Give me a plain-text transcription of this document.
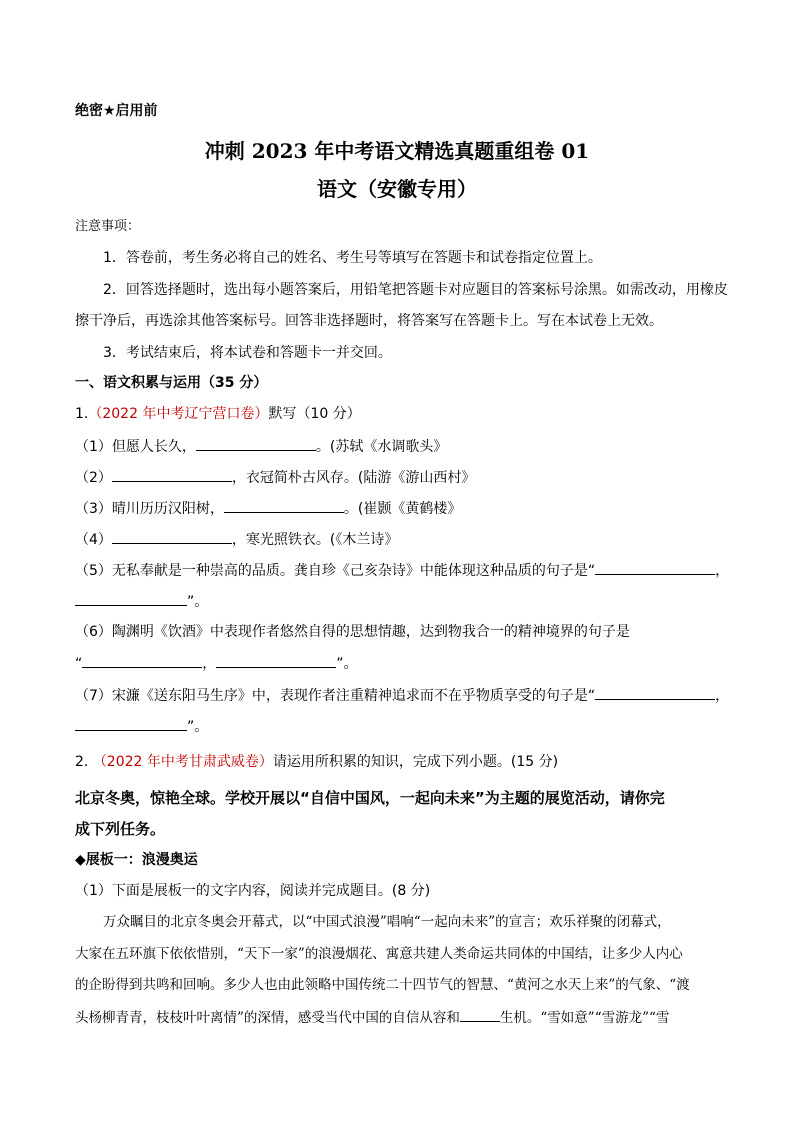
绝密★启用前
冲刺 2023 年中考语文精选真题重组卷 01
语文（安徽专用）
注意事项：
1．答卷前，考生务必将自己的姓名、考生号等填写在答题卡和试卷指定位置上。
2．回答选择题时，选出每小题答案后，用铅笔把答题卡对应题目的答案标号涂黑。如需改动，用橡皮
擦干净后，再选涂其他答案标号。回答非选择题时，将答案写在答题卡上。写在本试卷上无效。
3．考试结束后，将本试卷和答题卡一并交回。
一、语文积累与运用（35 分）
1.（2022 年中考辽宁营口卷）默写（10 分）
（1）但愿人长久，	。(苏轼《水调歌头》
（2）	，衣冠简朴古风存。(陆游《游山西村》
（3）晴川历历汉阳树，	。(崔颢《黄鹤楼》
（4）	，寒光照铁衣。(《木兰诗》
（5）无私奉献是一种崇高的品质。龚自珍《己亥杂诗》中能体现这种品质的句子是“	，
”。
（6）陶渊明《饮酒》中表现作者悠然自得的思想情趣，达到物我合一的精神境界的句子是
“	，	”。
（7）宋濂《送东阳马生序》中，表现作者注重精神追求而不在乎物质享受的句子是“	，
”。
2. （2022 年中考甘肃武威卷）请运用所积累的知识，完成下列小题。(15 分)
北京冬奥，惊艳全球。学校开展以“自信中国风，一起向未来”为主题的展览活动，请你完
成下列任务。
◆展板一：浪漫奥运
（1）下面是展板一的文字内容，阅读并完成题目。(8 分)
万众瞩目的北京冬奥会开幕式，以“中国式浪漫”唱响“一起向未来”的宣言；欢乐祥聚的闭幕式，
大家在五环旗下依依惜别，“天下一家”的浪漫烟花、寓意共建人类命运共同体的中国结，让多少人内心
的企盼得到共鸣和回响。多少人也由此领略中国传统二十四节气的智慧、“黄河之水天上来”的气象、“渡
头杨柳青青，枝枝叶叶离情”的深情，感受当代中国的自信从容和	生机。“雪如意”“雪游龙”“雪
